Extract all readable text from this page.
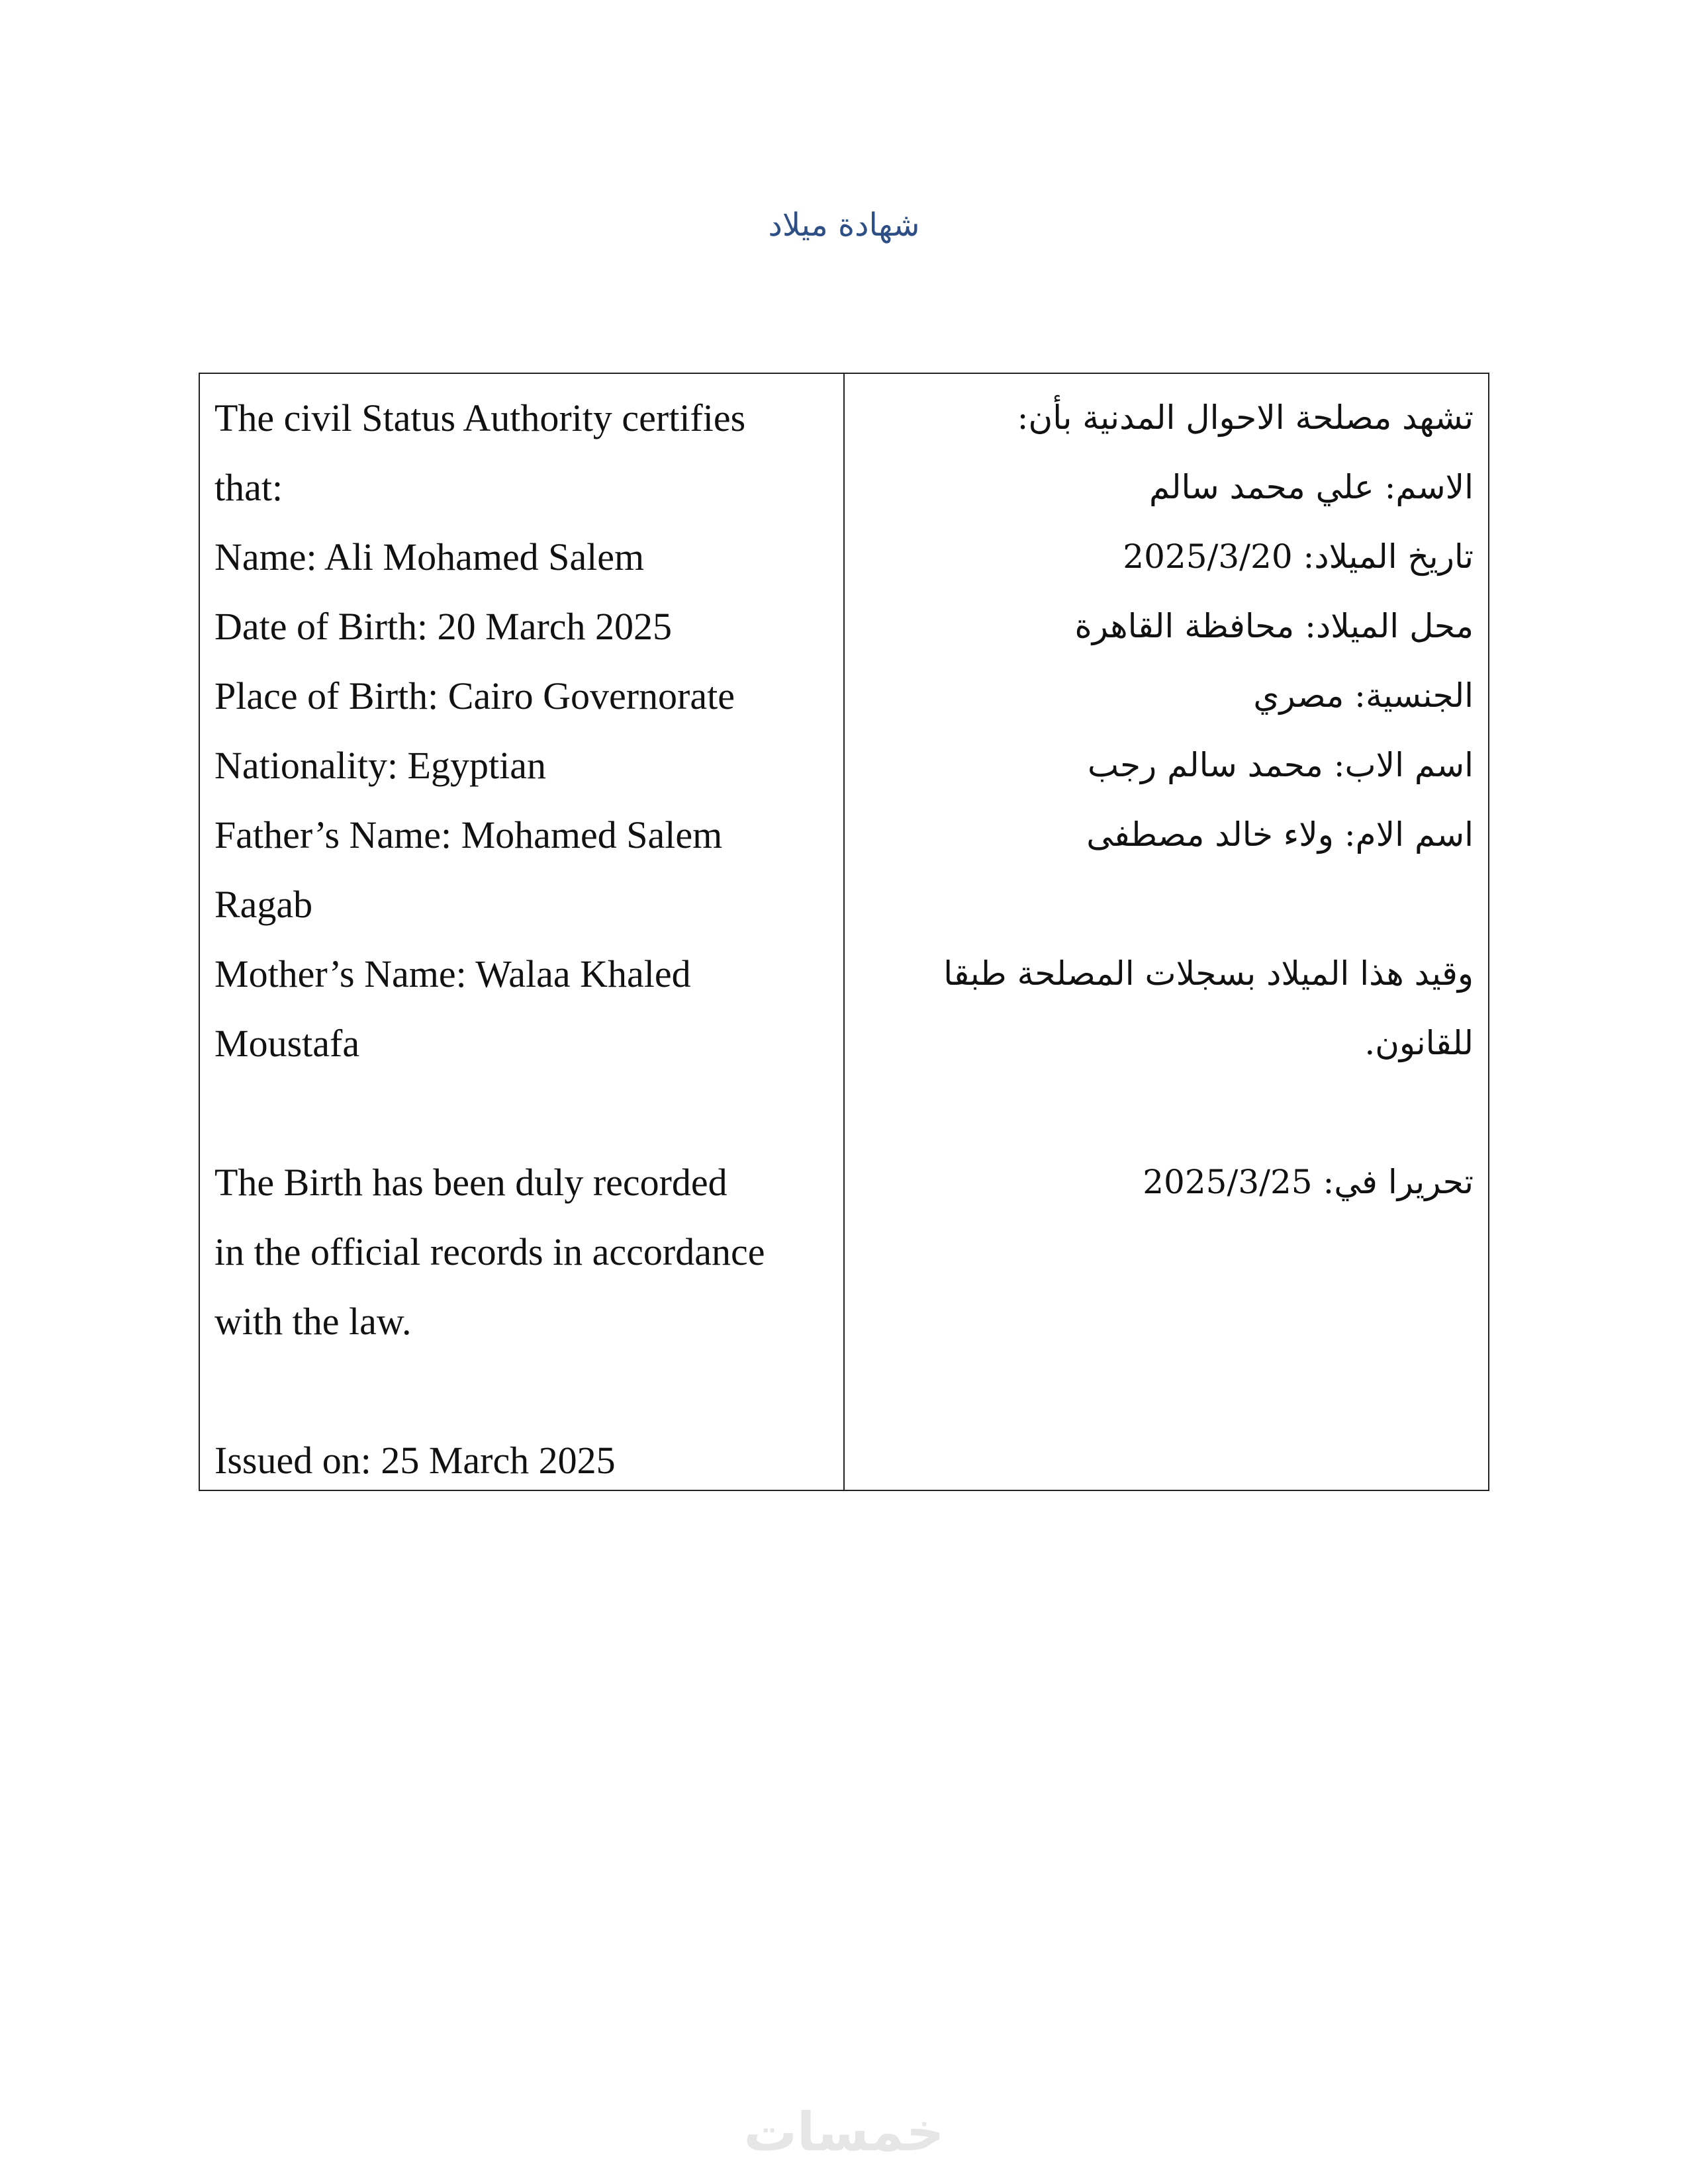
شهادة ميلاد
The civil Status Authority certifies
that:
Name: Ali Mohamed Salem
Date of Birth: 20 March 2025
Place of Birth: Cairo Governorate
Nationality: Egyptian
Father’s Name: Mohamed Salem
Ragab
Mother’s Name: Walaa Khaled
Moustafa
The Birth has been duly recorded
in the official records in accordance
with the law.
Issued on: 25 March 2025
تشهد مصلحة الاحوال المدنية بأن:
الاسم: علي محمد سالم
تاريخ الميلاد: 2025/3/20
محل الميلاد: محافظة القاهرة
الجنسية: مصري
اسم الاب: محمد سالم رجب
اسم الام: ولاء خالد مصطفى
وقيد هذا الميلاد بسجلات المصلحة طبقا
للقانون.
تحريرا في: 2025/3/25
خمسات
